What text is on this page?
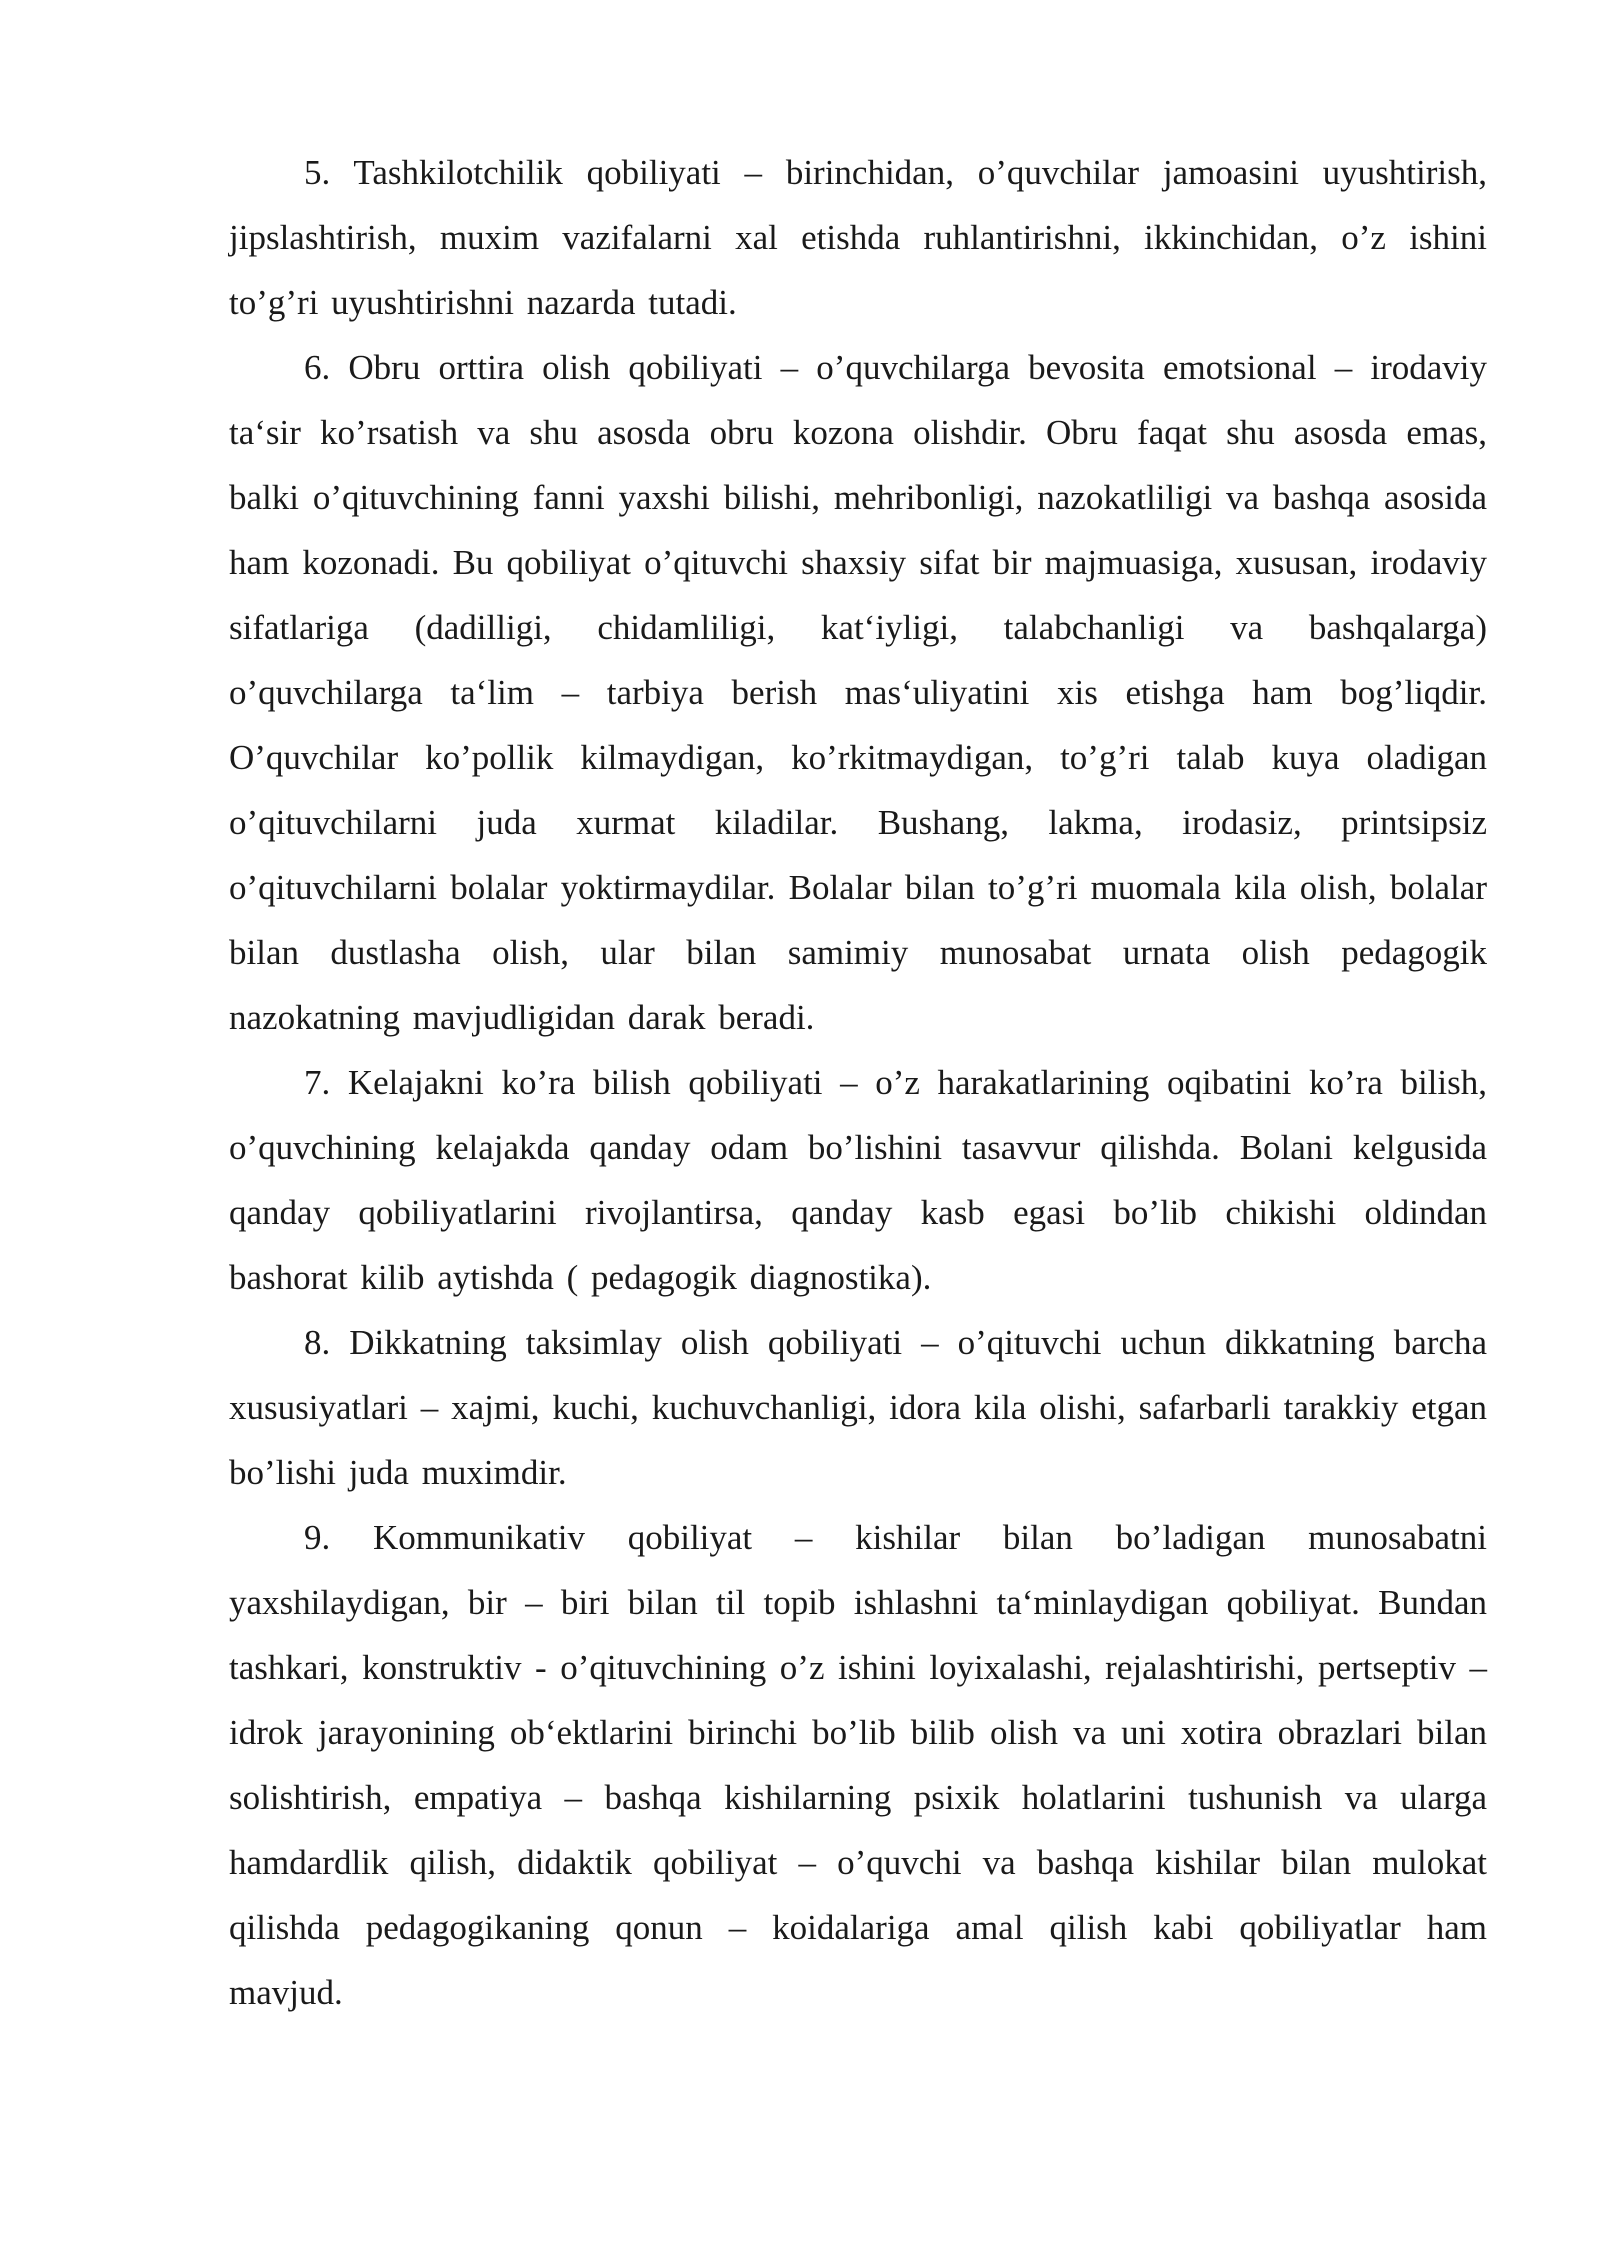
5. Tashkilotchilik qobiliyati – birinchidan, o’quvchilar jamoasini uyushtirish, jipslashtirish, muxim vazifalarni xal etishda ruhlantirishni, ikkinchidan, o’z ishini to’g’ri uyushtirishni nazarda tutadi.

6. Obru orttira olish qobiliyati – o’quvchilarga bevosita emotsional – irodaviy ta‘sir ko’rsatish va shu asosda obru kozona olishdir. Obru faqat shu asosda emas, balki o’qituvchining fanni yaxshi bilishi, mehribonligi, nazokatliligi va bashqa asosida ham kozonadi. Bu qobiliyat o’qituvchi shaxsiy sifat bir majmuasiga, xususan, irodaviy sifatlariga (dadilligi, chidamliligi, kat‘iyligi, talabchanligi va bashqalarga) o’quvchilarga ta‘lim – tarbiya berish mas‘uliyatini xis etishga ham bog’liqdir. O’quvchilar ko’pollik kilmaydigan, ko’rkitmaydigan, to’g’ri talab kuya oladigan o’qituvchilarni juda xurmat kiladilar. Bushang, lakma, irodasiz, printsipsiz o’qituvchilarni bolalar yoktirmaydilar. Bolalar bilan to’g’ri muomala kila olish, bolalar bilan dustlasha olish, ular bilan samimiy munosabat urnata olish pedagogik nazokatning mavjudligidan darak beradi.

7. Kelajakni ko’ra bilish qobiliyati – o’z harakatlarining oqibatini ko’ra bilish, o’quvchining kelajakda qanday odam bo’lishini tasavvur qilishda. Bolani kelgusida qanday qobiliyatlarini rivojlantirsa, qanday kasb egasi bo’lib chikishi oldindan bashorat kilib aytishda ( pedagogik diagnostika).

8. Dikkatning taksimlay olish qobiliyati – o’qituvchi uchun dikkatning barcha xususiyatlari – xajmi, kuchi, kuchuvchanligi, idora kila olishi, safarbarli tarakkiy etgan bo’lishi juda muximdir.

9. Kommunikativ qobiliyat – kishilar bilan bo’ladigan munosabatni yaxshilaydigan, bir – biri bilan til topib ishlashni ta‘minlaydigan qobiliyat. Bundan tashkari, konstruktiv - o’qituvchining o’z ishini loyixalashi, rejalashtirishi, pertseptiv – idrok jarayonining ob‘ektlarini birinchi bo’lib bilib olish va uni xotira obrazlari bilan solishtirish, empatiya – bashqa kishilarning psixik holatlarini tushunish va ularga hamdardlik qilish, didaktik qobiliyat – o’quvchi va bashqa kishilar bilan mulokat qilishda pedagogikaning qonun – koidalariga amal qilish kabi qobiliyatlar ham mavjud.
